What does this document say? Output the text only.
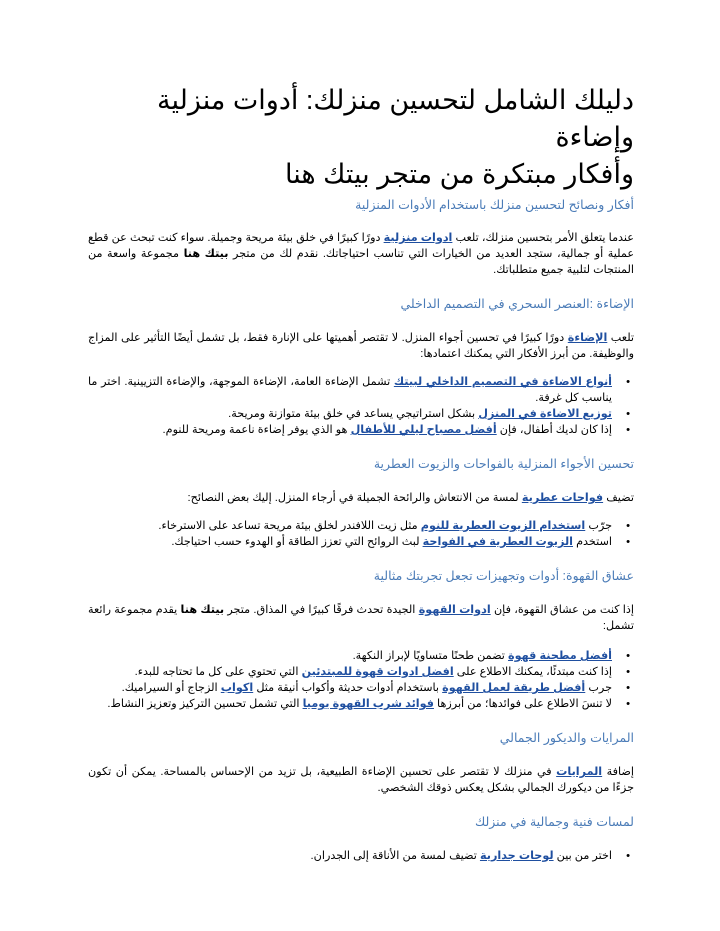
دليلك الشامل لتحسين منزلك: أدوات منزلية وإضاءة
وأفكار مبتكرة من متجر بيتك هنا
أفكار ونصائح لتحسين منزلك باستخدام الأدوات المنزلية

عندما يتعلق الأمر بتحسين منزلك، تلعب ادوات منزلية دورًا كبيرًا في خلق بيئة مريحة وجميلة. سواء كنت تبحث عن قطع عملية أو جمالية، ستجد العديد من الخيارات التي تناسب احتياجاتك. نقدم لك من متجر بيتك هنا مجموعة واسعة من المنتجات لتلبية جميع متطلباتك.

الإضاءة :العنصر السحري في التصميم الداخلي

تلعب الإضاءة دورًا كبيرًا في تحسين أجواء المنزل. لا تقتصر أهميتها على الإنارة فقط، بل تشمل أيضًا التأثير على المزاج والوظيفة. من أبرز الأفكار التي يمكنك اعتمادها:

• أنواع الاضاءة في التصميم الداخلي لبيتك تشمل الإضاءة العامة، الإضاءة الموجهة، والإضاءة التزيينية. اختر ما يناسب كل غرفة.
• توزيع الاضاءة في المنزل بشكل استراتيجي يساعد في خلق بيئة متوازنة ومريحة.
• إذا كان لديك أطفال، فإن أفضل مصباح ليلي للأطفال هو الذي يوفر إضاءة ناعمة ومريحة للنوم.
تحسين الأجواء المنزلية بالفواحات والزيوت العطرية

تضيف فواحات عطرية لمسة من الانتعاش والرائحة الجميلة في أرجاء المنزل. إليك بعض النصائح:

• جرّب استخدام الزيوت العطرية للنوم مثل زيت اللافندر لخلق بيئة مريحة تساعد على الاسترخاء.
• استخدم الزيوت العطرية في الفواحة لبث الروائح التي تعزز الطاقة أو الهدوء حسب احتياجك.
عشاق القهوة: أدوات وتجهيزات تجعل تجربتك مثالية

إذا كنت من عشاق القهوة، فإن ادوات القهوة الجيدة تحدث فرقًا كبيرًا في المذاق. متجر بيتك هنا يقدم مجموعة رائعة تشمل:

• أفضل مطحنة قهوة تضمن طحنًا متساويًا لإبراز النكهة.
• إذا كنت مبتدئًا، يمكنك الاطلاع على افضل ادوات قهوة للمبتدئين التي تحتوي على كل ما تحتاجه للبدء.
• جرب أفضل طريقة لعمل القهوة باستخدام أدوات حديثة وأكواب أنيقة مثل اكواب الزجاج أو السيراميك.
• لا تنسَ الاطلاع على فوائدها؛ من أبرزها فوائد شرب القهوة يوميا التي تشمل تحسين التركيز وتعزيز النشاط.
المرايات والديكور الجمالي

إضافة المرايات في منزلك لا تقتصر على تحسين الإضاءة الطبيعية، بل تزيد من الإحساس بالمساحة. يمكن أن تكون جزءًا من ديكورك الجمالي بشكل يعكس ذوقك الشخصي.

لمسات فنية وجمالية في منزلك
• اختر من بين لوحات جدارية تضيف لمسة من الأناقة إلى الجدران.
